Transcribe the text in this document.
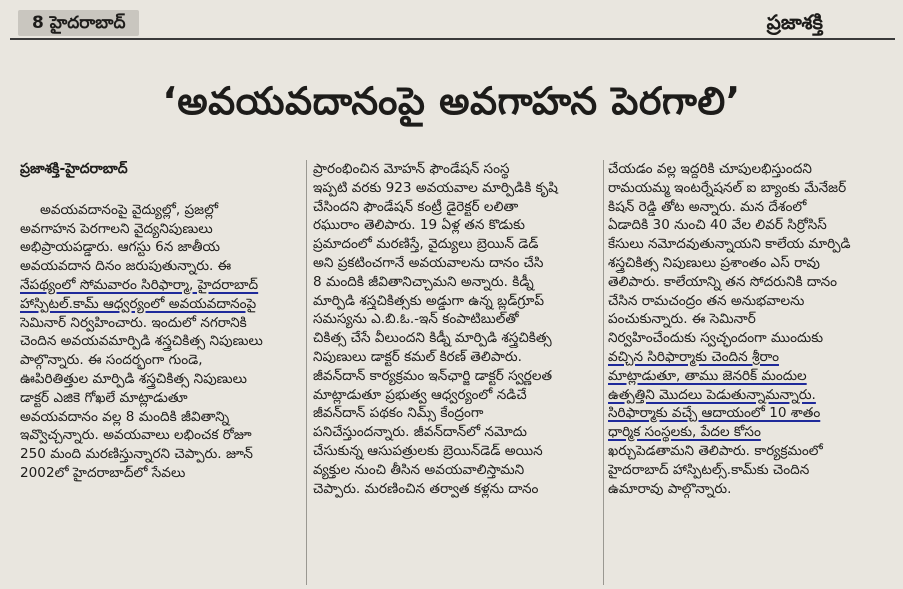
8 హైదరాబాద్	ప్రజాశక్తి
‘అవయవదానంపై అవగాహన పెరగాలి’
ప్రజాశక్తి-హైదరాబాద్
అవయవదానంపై వైద్యుల్లో, ప్రజల్లో
అవగాహన పెరగాలని వైద్యనిపుణులు
అభిప్రాయపడ్డారు. ఆగస్టు 6న జాతీయ
అవయవదాన దినం జరుపుతున్నారు. ఈ
నేపథ్యంలో సోమవారం సిరిఫార్మా, హైదరాబాద్
హాస్పిటల్.కామ్ ఆధ్వర్యంలో అవయవదానంపై
సెమినార్ నిర్వహించారు. ఇందులో నగరానికి
చెందిన అవయవమార్పిడి శస్త్రచికిత్స నిపుణులు
పాల్గొన్నారు. ఈ సందర్భంగా గుండె,
ఊపిరితిత్తుల మార్పిడి శస్త్రచికిత్స నిపుణులు
డాక్టర్ ఎజికె గోఖలే మాట్లాడుతూ
అవయవదానం వల్ల 8 మందికి జీవితాన్ని
ఇవ్వొచ్చన్నారు. అవయవాలు లభించక రోజూ
250 మంది మరణిస్తున్నారని చెప్పారు. జూన్
2002లో హైదరాబాద్‌లో సేవలు
ప్రారంభించిన మోహన్ ఫౌండేషన్ సంస్థ
ఇప్పటి వరకు 923 అవయవాల మార్పిడికి కృషి
చేసిందని ఫౌండేషన్ కంట్రీ డైరెక్టర్ లలితా
రఘురాం తెలిపారు. 19 ఏళ్ల తన కొడుకు
ప్రమాదంలో మరణిస్తే, వైద్యులు బ్రెయిన్ డెడ్
అని ప్రకటించగానే అవయవాలను దానం చేసి
8 మందికి జీవితానిచ్చామని అన్నారు. కిడ్నీ
మార్పిడి శస్త్రచికిత్సకు అడ్డుగా ఉన్న బ్లడ్‌గ్రూప్
సమస్యను ఎ.బి.ఓ.-ఇన్ కంపాటిబుల్‌తో
చికిత్స చేసే వీలుందని కిడ్నీ మార్పిడి శస్త్రచికిత్స
నిపుణులు డాక్టర్ కమల్ కిరణ్ తెలిపారు.
జీవన్‌దాన్ కార్యక్రమం ఇన్‌ఛార్జి డాక్టర్ స్వర్ణలత
మాట్లాడుతూ ప్రభుత్వ ఆధ్వర్యంలో నడిచే
జీవన్‌దాన్ పథకం నిమ్స్ కేంద్రంగా
పనిచేస్తుందన్నారు. జీవన్‌దాన్‌లో నమోదు
చేసుకున్న ఆసుపత్రులకు బ్రెయిన్‌డెడ్ అయిన
వ్యక్తుల నుంచి తీసిన అవయవాలిస్తామని
చెప్పారు. మరణించిన తర్వాత కళ్లను దానం
చేయడం వల్ల ఇద్దరికి చూపులభిస్తుందని
రామయమ్మ ఇంటర్నేషనల్ ఐ బ్యాంకు మేనేజర్
కిషన్ రెడ్డి తోట అన్నారు. మన దేశంలో
ఏడాదికి 30 నుంచి 40 వేల లివర్ సిర్రోసిస్
కేసులు నమోదవుతున్నాయని కాలేయ మార్పిడి
శస్త్రచికిత్స నిపుణులు ప్రశాంతం ఎస్ రావు
తెలిపారు. కాలేయాన్ని తన సోదరునికి దానం
చేసిన రామచంద్రం తన అనుభవాలను
పంచుకున్నారు. ఈ సెమినార్
నిర్వహించేందుకు స్వచ్ఛందంగా ముందుకు
వచ్చిన సిరిఫార్మాకు చెందిన శ్రీరాం
మాట్లాడుతూ, తాము జెనరిక్ మందుల
ఉత్పత్తిని మొదలు పెడుతున్నామన్నారు.
సిరిఫార్మాకు వచ్చే ఆదాయంలో 10 శాతం
ధార్మిక సంస్థలకు, పేదల కోసం
ఖర్చుపెడతామని తెలిపారు. కార్యక్రమంలో
హైదరాబాద్ హాస్పిటల్స్.కామ్‌కు చెందిన
ఉమారావు పాల్గొన్నారు.
